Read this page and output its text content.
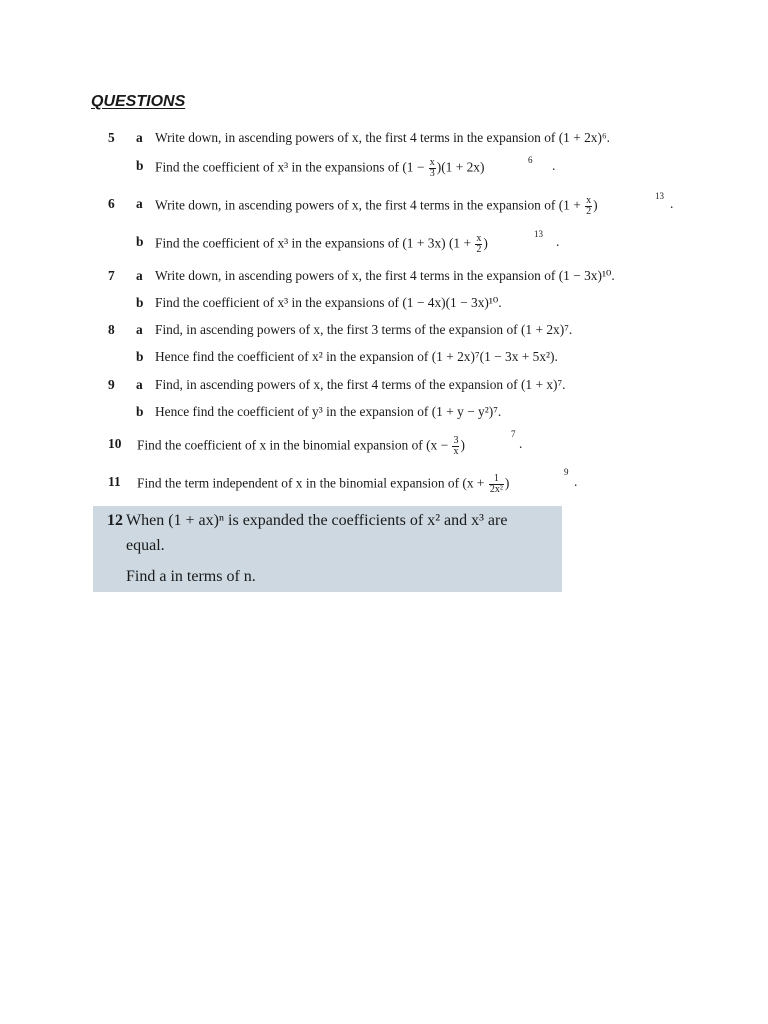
QUESTIONS
5 a Write down, in ascending powers of x, the first 4 terms in the expansion of (1 + 2x)⁶.
b Find the coefficient of x³ in the expansions of $(1 - \frac{x}{3} )(1 + 2x)$	6 .
6 a Write down, in ascending powers of x, the first 4 terms in the expansion of ($1 + \frac{x}{2}$ )
13 .
b Find the coefficient of x³ in the expansions of (1 + 3x) ($1 + \frac{x}{2}$ )
13 .
7 a Write down, in ascending powers of x, the first 4 terms in the expansion of (1 − 3x)¹⁰.
b Find the coefficient of x³ in the expansions of (1 − 4x)(1 − 3x)¹⁰.
8 a Find, in ascending powers of x, the first 3 terms of the expansion of (1 + 2x)⁷.
b Hence find the coefficient of x² in the expansion of (1 + 2x)⁷(1 − 3x + 5x²).
9 a Find, in ascending powers of x, the first 4 terms of the expansion of (1 + x)⁷.
b Hence find the coefficient of y³ in the expansion of (1 + y − y²)⁷.
10 Find the coefficient of x in the binomial expansion of ($x - \frac{3}{x}$ )
7
.
11 Find the term independent of x in the binomial expansion of ($x + \frac{1}{\text{2x²}}$ )
9
.
12 When (1 + ax)ⁿ is expanded the coefficients of x² and x³ are
equal.
Find a in terms of n.
